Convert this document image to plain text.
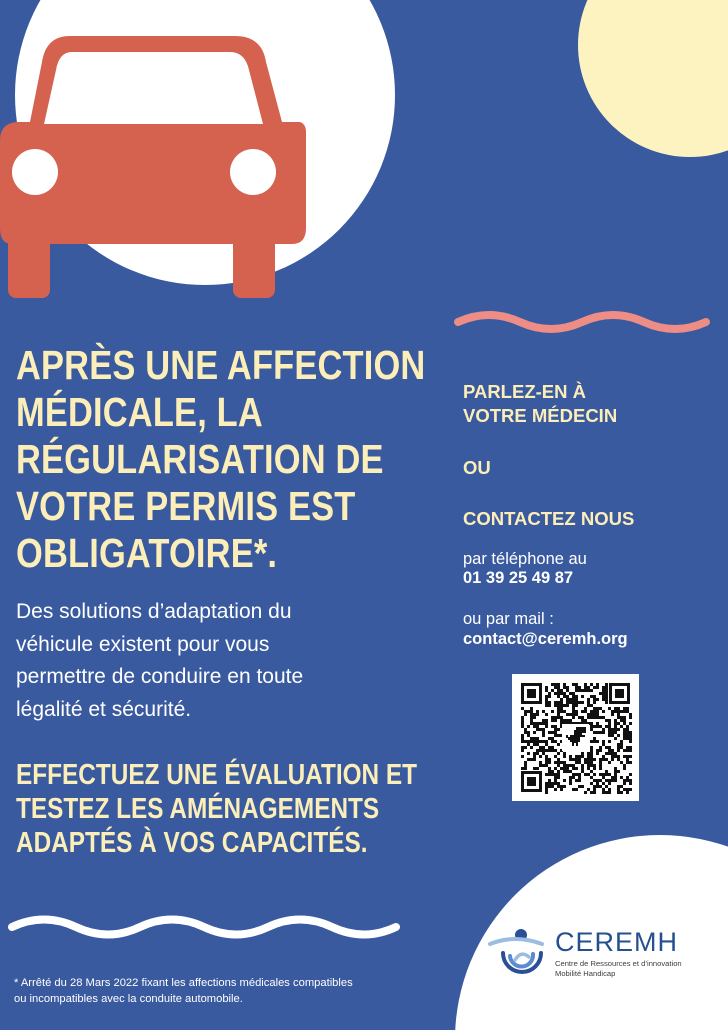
APRÈS UNE AFFECTION
MÉDICALE, LA
RÉGULARISATION DE
VOTRE PERMIS EST
OBLIGATOIRE*.
Des solutions d’adaptation du
véhicule existent pour vous
permettre de conduire en toute
légalité et sécurité.
EFFECTUEZ UNE ÉVALUATION ET
TESTEZ LES AMÉNAGEMENTS
ADAPTÉS À VOS CAPACITÉS.
PARLEZ-EN À
VOTRE MÉDECIN
OU
CONTACTEZ NOUS
par téléphone au
01 39 25 49 87
ou par mail :
contact@ceremh.org
* Arrêté du 28 Mars 2022 fixant les affections médicales compatibles
ou incompatibles avec la conduite automobile.
CEREMH
Centre de Ressources et d’innovation
Mobilité Handicap
